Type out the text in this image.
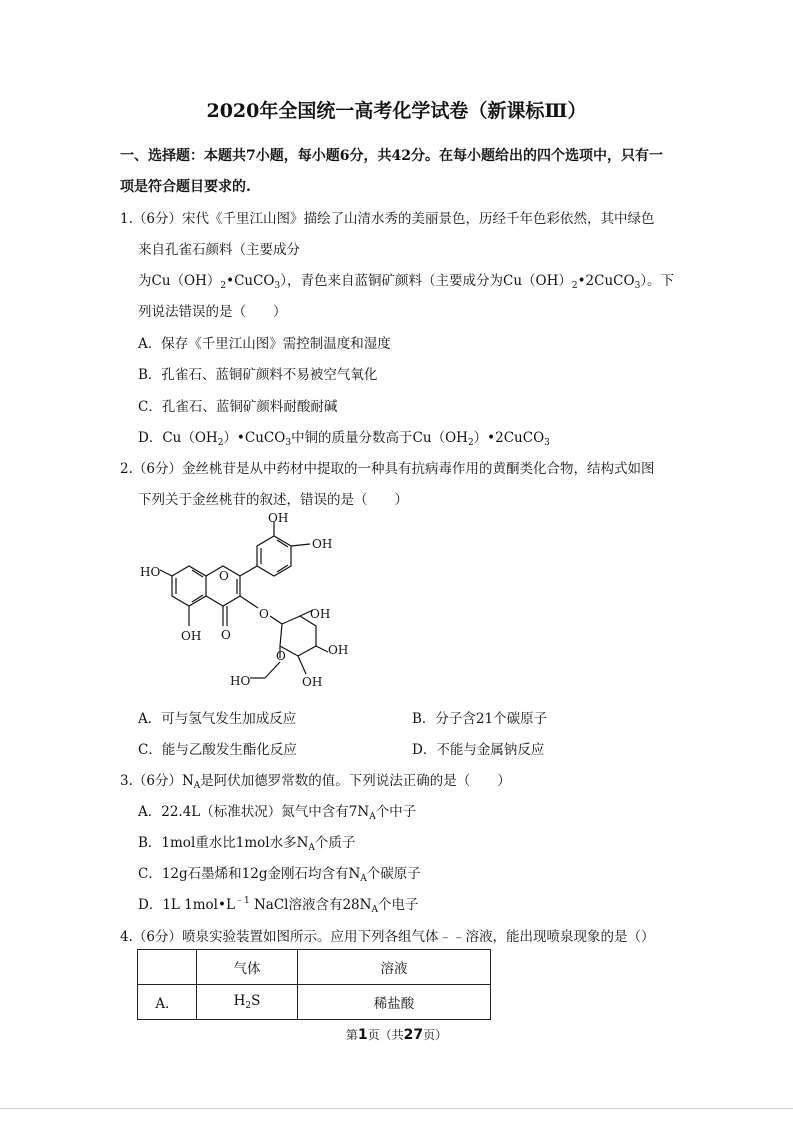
2020年全国统一高考化学试卷（新课标Ⅲ）
一、选择题：本题共7小题，每小题6分，共42分。在每小题给出的四个选项中，只有一
项是符合题目要求的.
1.（6分）宋代《千里江山图》描绘了山清水秀的美丽景色，历经千年色彩依然，其中绿色
来自孔雀石颜料（主要成分
为$Cu(OH)_2•CuCO_3$），青色来自蓝铜矿颜料（主要成分为$Cu(OH)_2•2CuCO_3$）。下
列说法错误的是（　　）
A．保存《千里江山图》需控制温度和湿度
B．孔雀石、蓝铜矿颜料不易被空气氧化
C．孔雀石、蓝铜矿颜料耐酸耐碱
D．$Cu(OH_2)•CuCO_3$中铜的质量分数高于$Cu(OH_2)•2CuCO_3$
2.（6分）金丝桃苷是从中药材中提取的一种具有抗病毒作用的黄酮类化合物，结构式如图
下列关于金丝桃苷的叙述，错误的是（　　）
OH
OH
HO	O
O
OH O
OH
O	OH
HO	OH
A．可与氢气发生加成反应	B．分子含21个碳原子
C．能与乙酸发生酯化反应	D．不能与金属钠反应
3.（6分）$N_A$是阿伏加德罗常数的值。下列说法正确的是（　　）
A．22.4L（标准状况）氮气中含有$7N_A$个中子
B．1mol重水比1mol水多$N_A$个质子
C．12g石墨烯和12g金刚石均含有$N_A$个碳原子
D．1L $1mol•L^{﹣1}$ NaCl溶液含有$28N_A$个电子
4.（6分）喷泉实验装置如图所示。应用下列各组气体﹣﹣溶液，能出现喷泉现象的是（）
	气体	溶液
A．	$H_2S$	稀盐酸
第1页（共27页）
